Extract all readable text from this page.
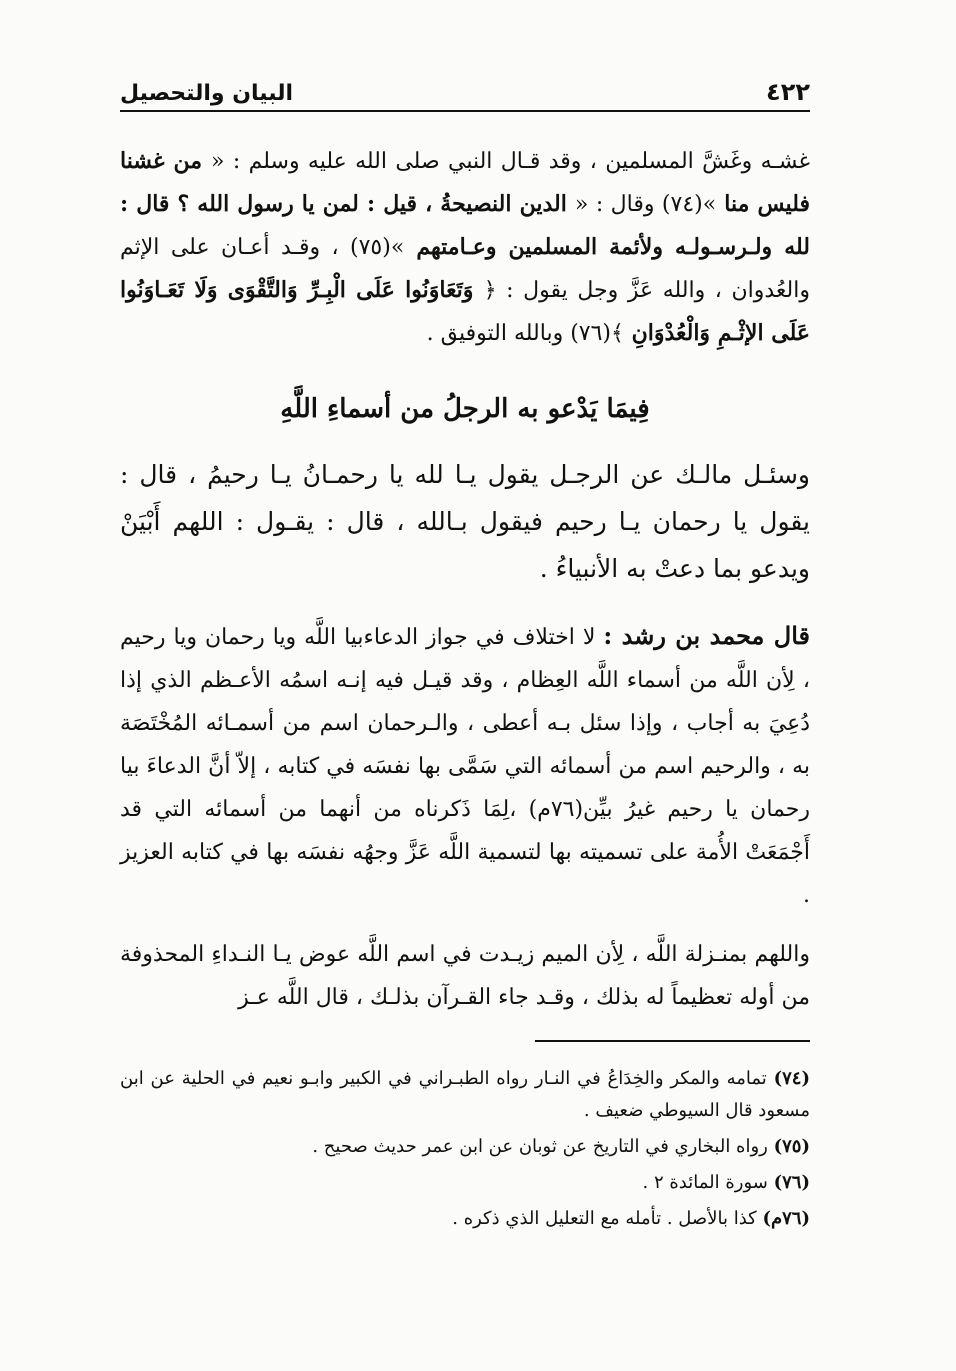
٤٢٢
البيان والتحصيل

غشـه وغَشَّ المسلمين ، وقد قـال النبي صلى الله عليه وسلم : « من غشنا فليس منا »(٧٤) وقال : « الدين النصيحةُ ، قيل : لمن يا رسول الله ؟ قال : لله ولـرسـولـه ولأئمة المسلمين وعـامتهم »(٧٥) ، وقـد أعـان على الإثم والعُدوان ، والله عَزَّ وجل يقول : ﴿ وَتَعَاوَنُوا عَلَى الْبِـرِّ وَالتَّقْوَى وَلَا تَعَـاوَنُوا عَلَى الإثْـمِ وَالْعُدْوَانِ ﴾(٧٦) وبالله التوفيق .

فِيمَا يَدْعو به الرجلُ من أسماءِ اللَّهِ

وسئـل مالـك عن الرجـل يقول يـا لله يا رحمـانُ يـا رحيمُ ، قال : يقول يا رحمان يـا رحيم فيقول بـالله ، قال : يقـول : اللهم أَبْيَنْ ويدعو بما دعتْ به الأنبياءُ .

قال محمد بن رشد : لا اختلاف في جواز الدعاءبيا اللَّه ويا رحمان ويا رحيم ، لِأن اللَّه من أسماء اللَّه العِظام ، وقد قيـل فيه إنـه اسمُه الأعـظم الذي إذا دُعِيَ به أجاب ، وإذا سئل بـه أعطى ، والـرحمان اسم من أسمـائه المُخْتَصَة به ، والرحيم اسم من أسمائه التي سَمَّى بها نفسَه في كتابه ، إلاّ أنَّ الدعاءَ بيا رحمان يا رحيم غيرُ بيِّن(٧٦م) ،لِمَا ذَكرناه من أنهما من أسمائه التي قد أَجْمَعَتْ الأُمة على تسميته بها لتسمية اللَّه عَزَّ وجهُه نفسَه بها في كتابه العزيز .

واللهم بمنـزلة اللَّه ، لِأن الميم زيـدت في اسم اللَّه عوض يـا النـداءِ المحذوفة من أوله تعظيماً له بذلك ، وقـد جاء القـرآن بذلـك ، قال اللَّه عـز

(٧٤) تمامه والمكر والخِدَاعُ في النـار رواه الطبـراني في الكبير وابـو نعيم في الحلية عن ابن مسعود قال السيوطي ضعيف .

(٧٥) رواه البخاري في التاريخ عن ثوبان عن ابن عمر حديث صحيح .

(٧٦) سورة المائدة ٢ .

(٧٦م) كذا بالأصل . تأمله مع التعليل الذي ذكره .
